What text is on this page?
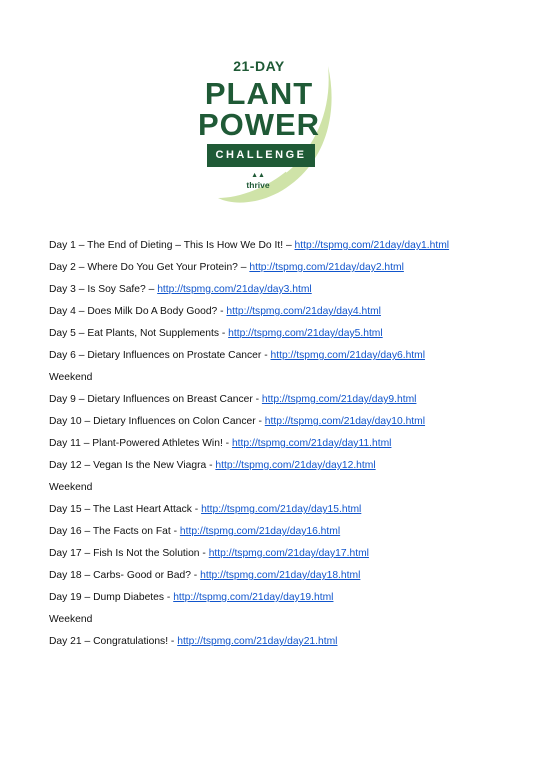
21-DAY
PLANT
POWER
CHALLENGE
▲▲
thrive
Day 1 – The End of Dieting – This Is How We Do It! – http://tspmg.com/21day/day1.html
Day 2 – Where Do You Get Your Protein? – http://tspmg.com/21day/day2.html
Day 3 – Is Soy Safe? – http://tspmg.com/21day/day3.html
Day 4 – Does Milk Do A Body Good? - http://tspmg.com/21day/day4.html
Day 5 – Eat Plants, Not Supplements - http://tspmg.com/21day/day5.html
Day 6 – Dietary Influences on Prostate Cancer - http://tspmg.com/21day/day6.html
Weekend
Day 9 – Dietary Influences on Breast Cancer - http://tspmg.com/21day/day9.html
Day 10 – Dietary Influences on Colon Cancer - http://tspmg.com/21day/day10.html
Day 11 – Plant-Powered Athletes Win! - http://tspmg.com/21day/day11.html
Day 12 – Vegan Is the New Viagra - http://tspmg.com/21day/day12.html
Weekend
Day 15 – The Last Heart Attack - http://tspmg.com/21day/day15.html
Day 16 – The Facts on Fat - http://tspmg.com/21day/day16.html
Day 17 – Fish Is Not the Solution - http://tspmg.com/21day/day17.html
Day 18 – Carbs- Good or Bad? - http://tspmg.com/21day/day18.html
Day 19 – Dump Diabetes - http://tspmg.com/21day/day19.html
Weekend
Day 21 – Congratulations! - http://tspmg.com/21day/day21.html
